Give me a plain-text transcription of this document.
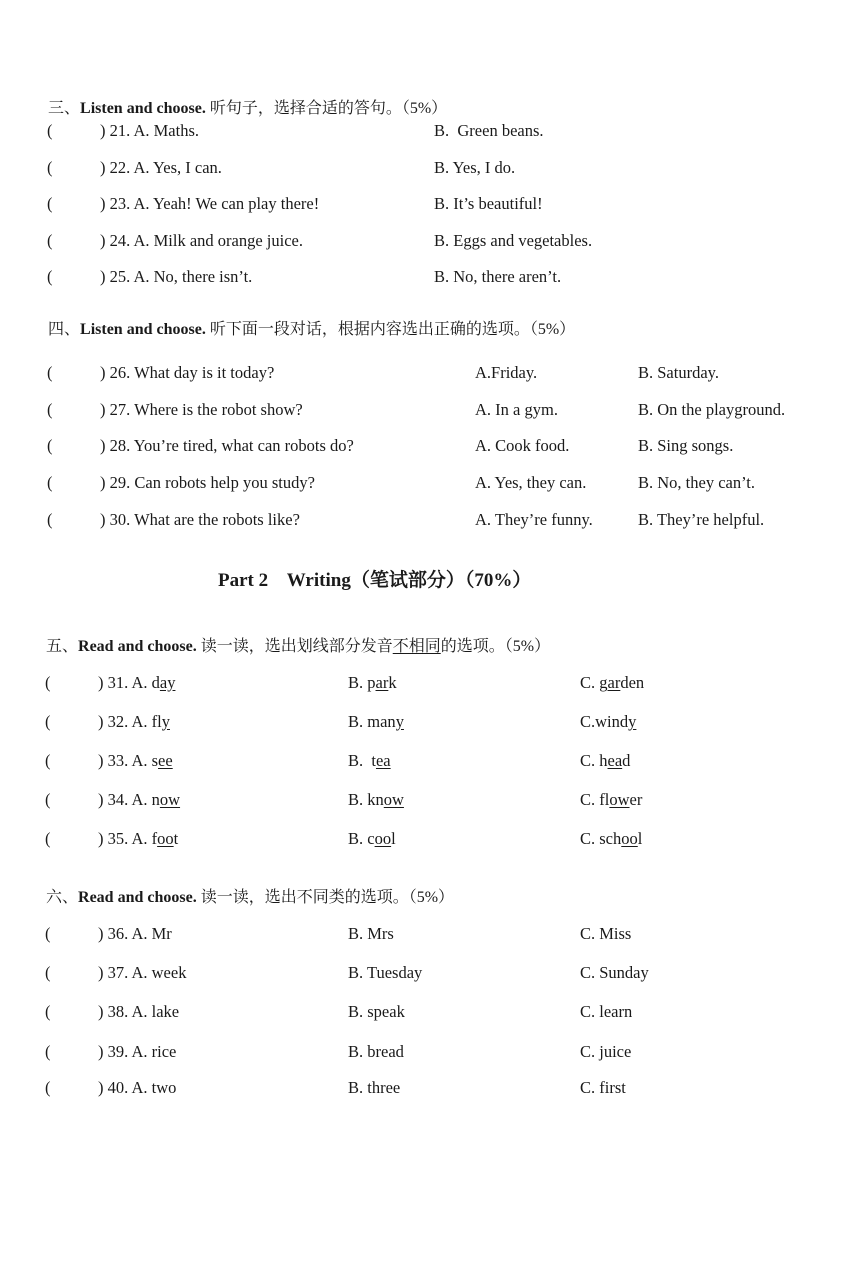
三、Listen and choose. 听句子，选择合适的答句。（5%）
(	) 21. A. Maths.	B.  Green beans.
(	) 22. A. Yes, I can.	B. Yes, I do.
(	) 23. A. Yeah! We can play there!	B. It’s beautiful!
(	) 24. A. Milk and orange juice.	B. Eggs and vegetables.
(	) 25. A. No, there isn’t.	B. No, there aren’t.
四、Listen and choose. 听下面一段对话，根据内容选出正确的选项。（5%）
(	) 26. What day is it today?	A.Friday.	B. Saturday.
(	) 27. Where is the robot show?	A. In a gym.	B. On the playground.
(	) 28. You’re tired, what can robots do?	A. Cook food.	B. Sing songs.
(	) 29. Can robots help you study?	A. Yes, they can.	B. No, they can’t.
(	) 30. What are the robots like?	A. They’re funny.	B. They’re helpful.
Part 2    Writing（笔试部分）（70%）
五、Read and choose. 读一读，选出划线部分发音不相同的选项。（5%）
(	) 31. A. day	B. park	C. garden
(	) 32. A. fly	B. many	C.windy
(	) 33. A. see	B.  tea	C. head
(	) 34. A. now	B. know	C. flower
(	) 35. A. foot	B. cool	C. school
六、Read and choose. 读一读，选出不同类的选项。（5%）
(	) 36. A. Mr	B. Mrs	C. Miss
(	) 37. A. week	B. Tuesday	C. Sunday
(	) 38. A. lake	B. speak	C. learn
(	) 39. A. rice	B. bread	C. juice
(	) 40. A. two	B. three	C. first
